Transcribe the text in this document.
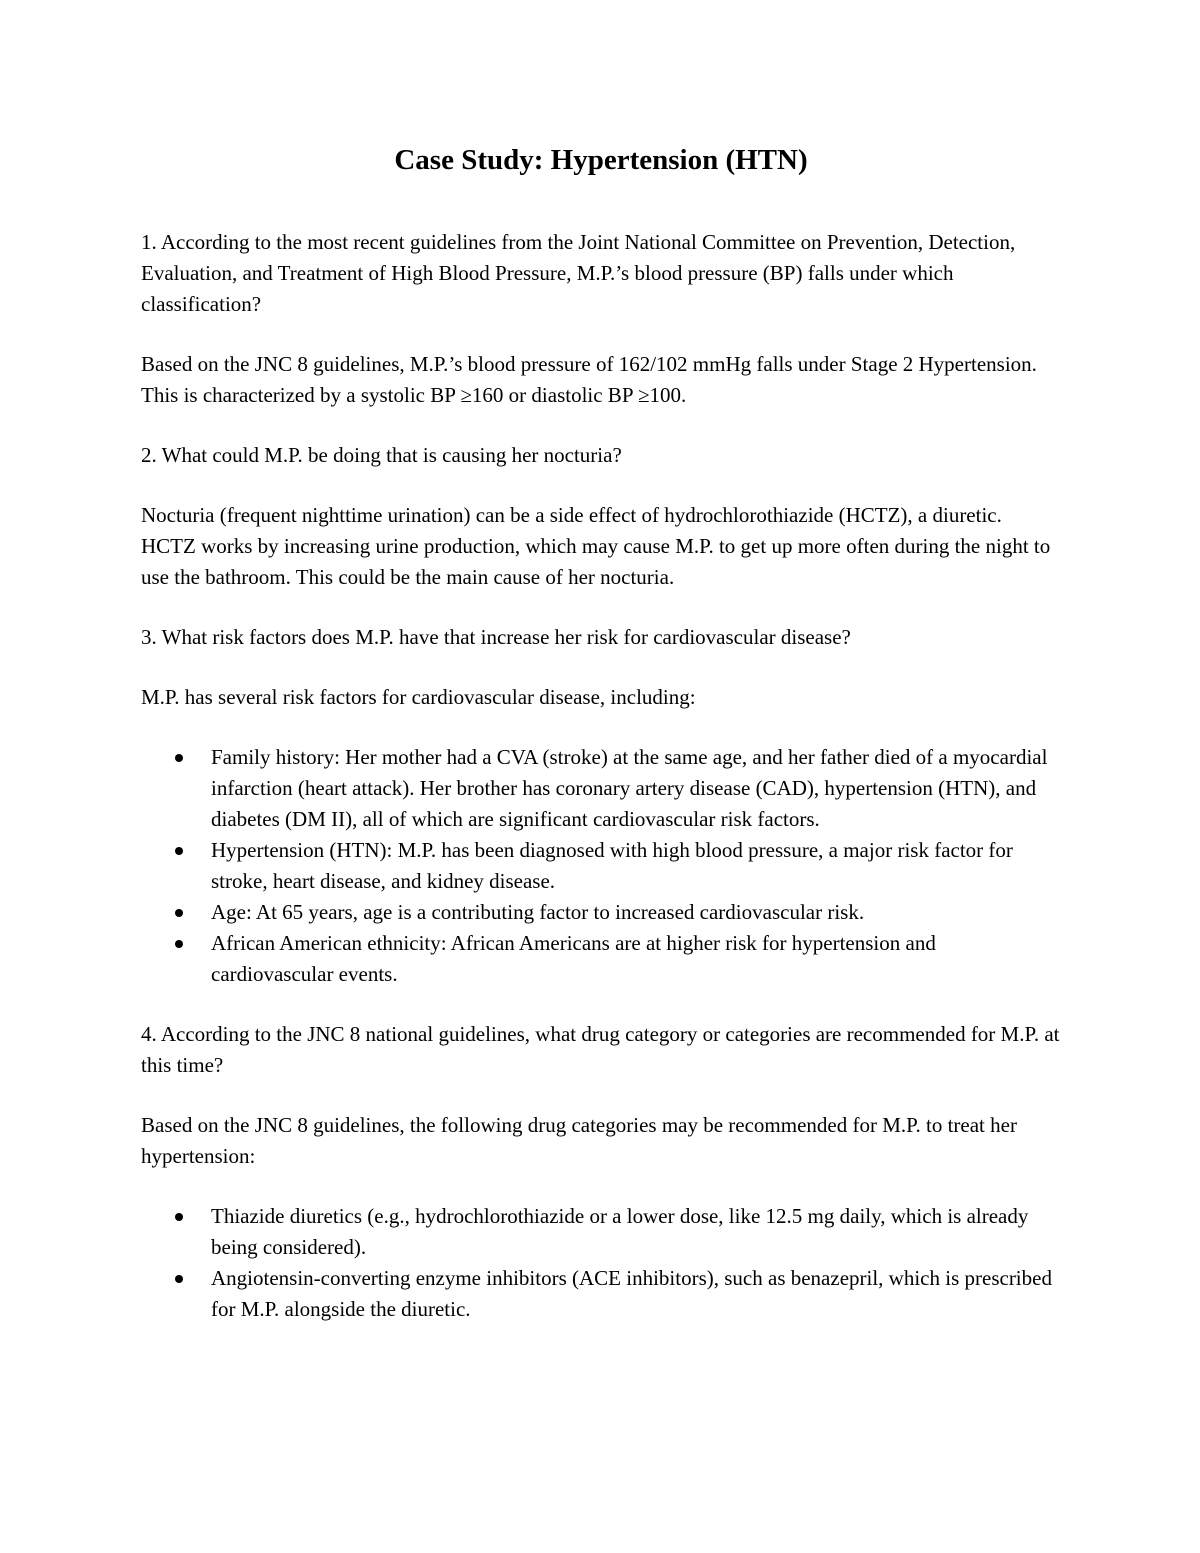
Case Study: Hypertension (HTN)

1. According to the most recent guidelines from the Joint National Committee on Prevention, Detection, Evaluation, and Treatment of High Blood Pressure, M.P.’s blood pressure (BP) falls under which classification?

Based on the JNC 8 guidelines, M.P.’s blood pressure of 162/102 mmHg falls under Stage 2 Hypertension. This is characterized by a systolic BP ≥160 or diastolic BP ≥100.

2. What could M.P. be doing that is causing her nocturia?

Nocturia (frequent nighttime urination) can be a side effect of hydrochlorothiazide (HCTZ), a diuretic. HCTZ works by increasing urine production, which may cause M.P. to get up more often during the night to use the bathroom. This could be the main cause of her nocturia.

3. What risk factors does M.P. have that increase her risk for cardiovascular disease?

M.P. has several risk factors for cardiovascular disease, including:

Family history: Her mother had a CVA (stroke) at the same age, and her father died of a myocardial infarction (heart attack). Her brother has coronary artery disease (CAD), hypertension (HTN), and diabetes (DM II), all of which are significant cardiovascular risk factors.
Hypertension (HTN): M.P. has been diagnosed with high blood pressure, a major risk factor for stroke, heart disease, and kidney disease.
Age: At 65 years, age is a contributing factor to increased cardiovascular risk.
African American ethnicity: African Americans are at higher risk for hypertension and cardiovascular events.

4. According to the JNC 8 national guidelines, what drug category or categories are recommended for M.P. at this time?

Based on the JNC 8 guidelines, the following drug categories may be recommended for M.P. to treat her hypertension:

Thiazide diuretics (e.g., hydrochlorothiazide or a lower dose, like 12.5 mg daily, which is already being considered).
Angiotensin-converting enzyme inhibitors (ACE inhibitors), such as benazepril, which is prescribed for M.P. alongside the diuretic.
